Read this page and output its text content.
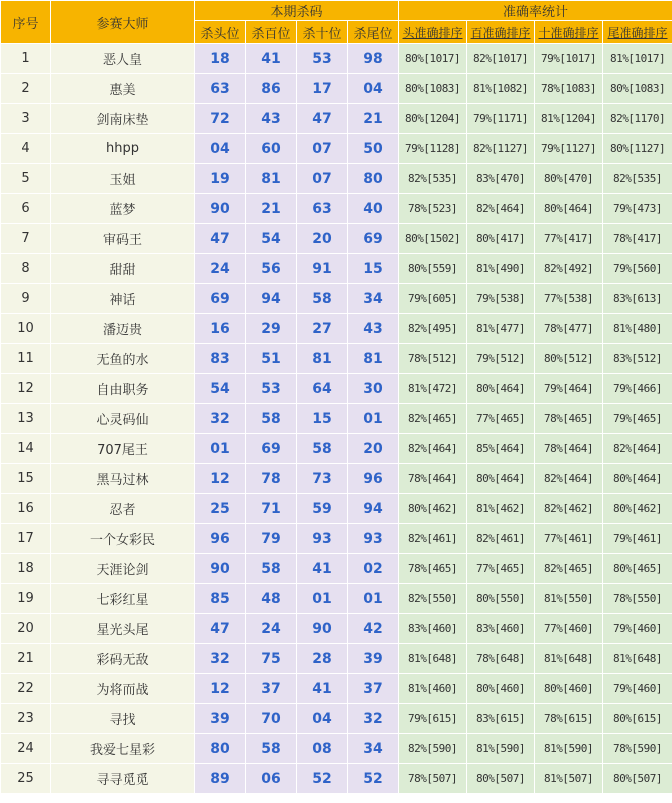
序号	参赛大师	本期杀码				准确率统计			
		杀头位	杀百位	杀十位	杀尾位	头准确排序	百准确排序	十准确排序	尾准确排序
1	恶人皇	18	41	53	98	80%[1017]	82%[1017]	79%[1017]	81%[1017]
2	惠美	63	86	17	04	80%[1083]	81%[1082]	78%[1083]	80%[1083]
3	剑南床垫	72	43	47	21	80%[1204]	79%[1171]	81%[1204]	82%[1170]
4	hhpp	04	60	07	50	79%[1128]	82%[1127]	79%[1127]	80%[1127]
5	玉姐	19	81	07	80	82%[535]	83%[470]	80%[470]	82%[535]
6	蓝梦	90	21	63	40	78%[523]	82%[464]	80%[464]	79%[473]
7	审码王	47	54	20	69	80%[1502]	80%[417]	77%[417]	78%[417]
8	甜甜	24	56	91	15	80%[559]	81%[490]	82%[492]	79%[560]
9	神话	69	94	58	34	79%[605]	79%[538]	77%[538]	83%[613]
10	潘迈贵	16	29	27	43	82%[495]	81%[477]	78%[477]	81%[480]
11	无鱼的水	83	51	81	81	78%[512]	79%[512]	80%[512]	83%[512]
12	自由职务	54	53	64	30	81%[472]	80%[464]	79%[464]	79%[466]
13	心灵码仙	32	58	15	01	82%[465]	77%[465]	78%[465]	79%[465]
14	707尾王	01	69	58	20	82%[464]	85%[464]	78%[464]	82%[464]
15	黑马过林	12	78	73	96	78%[464]	80%[464]	82%[464]	80%[464]
16	忍者	25	71	59	94	80%[462]	81%[462]	82%[462]	80%[462]
17	一个女彩民	96	79	93	93	82%[461]	82%[461]	77%[461]	79%[461]
18	天涯论剑	90	58	41	02	78%[465]	77%[465]	82%[465]	80%[465]
19	七彩红星	85	48	01	01	82%[550]	80%[550]	81%[550]	78%[550]
20	星光头尾	47	24	90	42	83%[460]	83%[460]	77%[460]	79%[460]
21	彩码无敌	32	75	28	39	81%[648]	78%[648]	81%[648]	81%[648]
22	为将而战	12	37	41	37	81%[460]	80%[460]	80%[460]	79%[460]
23	寻找	39	70	04	32	79%[615]	83%[615]	78%[615]	80%[615]
24	我爱七星彩	80	58	08	34	82%[590]	81%[590]	81%[590]	78%[590]
25	寻寻觅觅	89	06	52	52	78%[507]	80%[507]	81%[507]	80%[507]
